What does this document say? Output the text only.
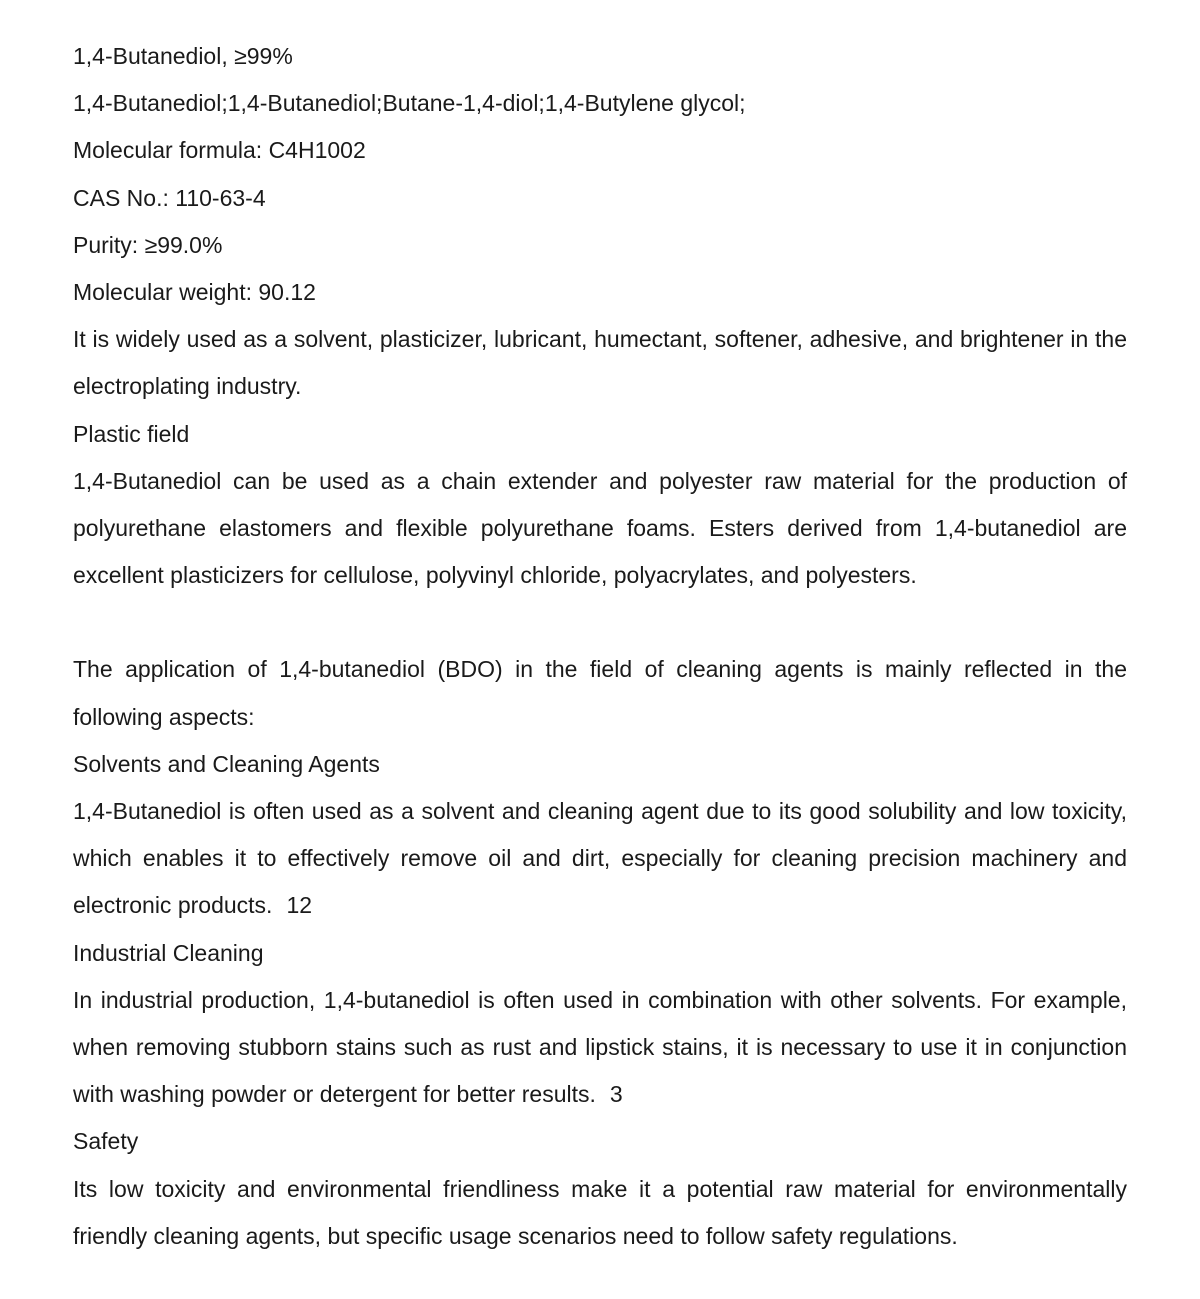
1,4-Butanediol, ≥99%
1,4-Butanediol;1,4-Butanediol;Butane-1,4-diol;1,4-Butylene glycol;
Molecular formula: C4H1002
CAS No.: 110-63-4
Purity: ≥99.0%
Molecular weight: 90.12
It is widely used as a solvent, plasticizer, lubricant, humectant, softener, adhesive, and brightener in the electroplating industry.
Plastic field
1,4-Butanediol can be used as a chain extender and polyester raw material for the production of polyurethane elastomers and flexible polyurethane foams. Esters derived from 1,4-butanediol are excellent plasticizers for cellulose, polyvinyl chloride, polyacrylates, and polyesters.
The application of 1,4-butanediol (BDO) in the field of cleaning agents is mainly reflected in the following aspects:
Solvents and Cleaning Agents
1,4-Butanediol is often used as a solvent and cleaning agent due to its good solubility and low toxicity, which enables it to effectively remove oil and dirt, especially for cleaning precision machinery and electronic products. 12
Industrial Cleaning
In industrial production, 1,4-butanediol is often used in combination with other solvents. For example, when removing stubborn stains such as rust and lipstick stains, it is necessary to use it in conjunction with washing powder or detergent for better results. 3
Safety
Its low toxicity and environmental friendliness make it a potential raw material for environmentally friendly cleaning agents, but specific usage scenarios need to follow safety regulations.
